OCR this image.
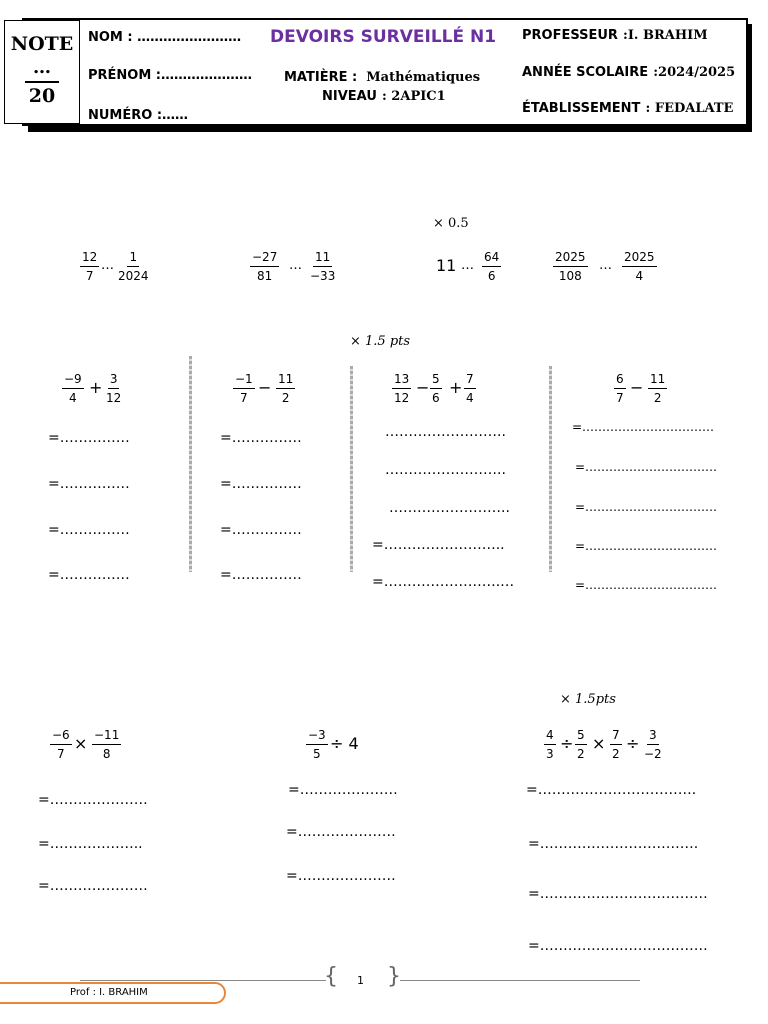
NOTE
…
20
NOM : ……………………
PRÉNOM :…………………
NUMÉRO :……
DEVOIRS SURVEILLÉ N1
MATIÈRE : Mathématiques
NIVEAU : 2APIC1
PROFESSEUR :I. BRAHIM
ANNÉE SCOLAIRE :2024/2025
ÉTABLISSEMENT : FEDALATE
× 0.5
$\frac{12}{7}$ … $\frac{1}{2024}$	$\frac{-27}{81}$ … $\frac{11}{-33}$	11 … $\frac{64}{6}$	$\frac{2025}{108}$ … $\frac{2025}{4}$
× 1.5 pts
$\frac{-9}{4} + \frac{3}{12}$
=……………
=……………
=……………
=……………
$\frac{-1}{7} - \frac{11}{2}$
=……………
=……………
=……………
=……………
$\frac{13}{12} - \frac{5}{6} + \frac{7}{4}$
……………………..
……………………..
……………………..
=……………………..
=…………………….…
$\frac{6}{7} - \frac{11}{2}$
=……………………………
=……………………………
=……………………………
=……………………………
=……………………………
× 1.5pts
$\frac{-6}{7} \times \frac{-11}{8}$
=…………………
=………………..
=…………………
$\frac{-3}{5} \div 4$
=…………………
=…………………
=…………………
$\frac{4}{3} \div \frac{5}{2} \times \frac{7}{2} \div \frac{3}{-2}$
=…………………………….
=…………………………….
=………………………………
=………………………………
{ 1 }
Prof : I. BRAHIM
